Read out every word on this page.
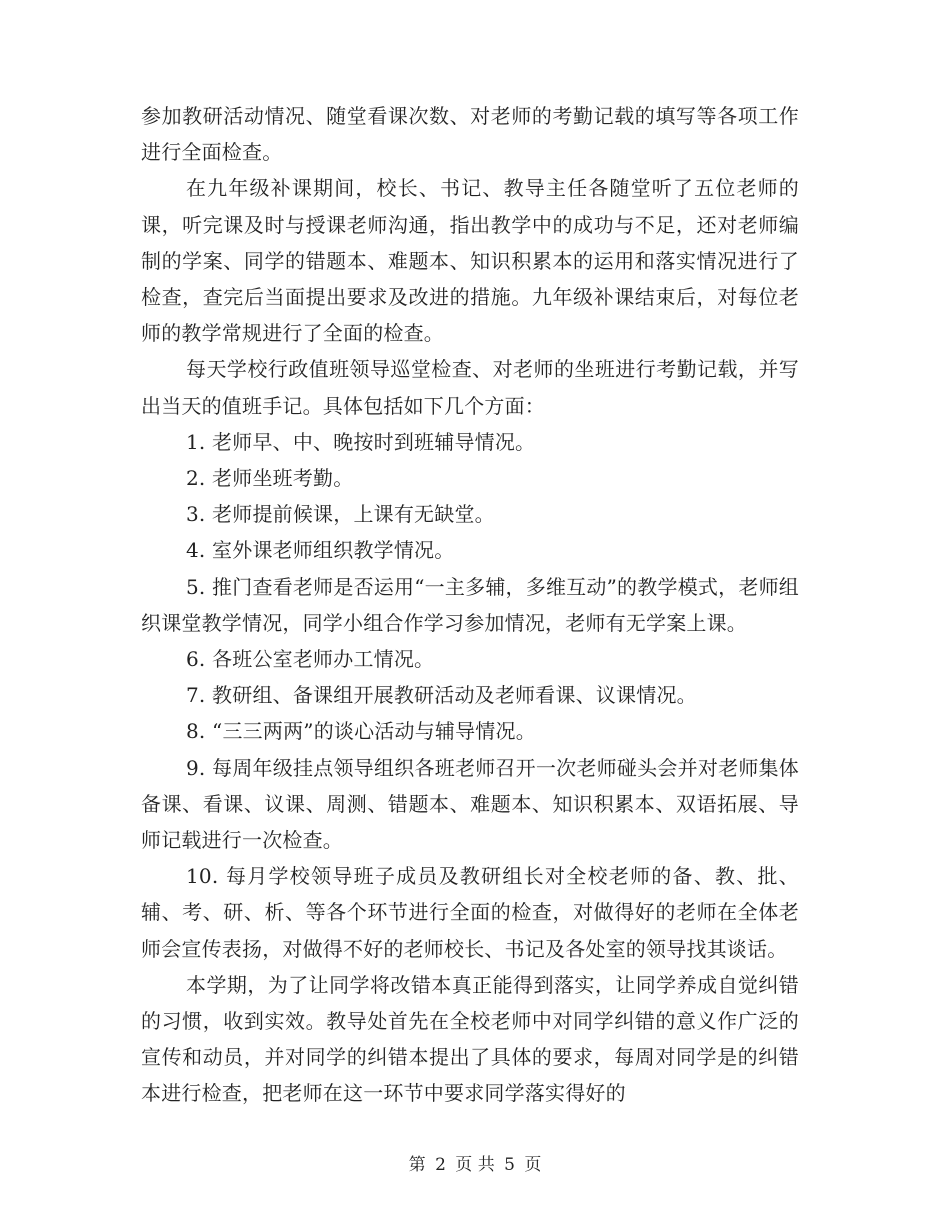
参加教研活动情况、随堂看课次数、对老师的考勤记载的填写等各项工作进行全面检查。

在九年级补课期间，校长、书记、教导主任各随堂听了五位老师的课，听完课及时与授课老师沟通，指出教学中的成功与不足，还对老师编制的学案、同学的错题本、难题本、知识积累本的运用和落实情况进行了检查，查完后当面提出要求及改进的措施。九年级补课结束后，对每位老师的教学常规进行了全面的检查。

每天学校行政值班领导巡堂检查、对老师的坐班进行考勤记载，并写出当天的值班手记。具体包括如下几个方面：

1. 老师早、中、晚按时到班辅导情况。

2. 老师坐班考勤。

3. 老师提前候课，上课有无缺堂。

4. 室外课老师组织教学情况。

5. 推门查看老师是否运用“一主多辅，多维互动”的教学模式，老师组织课堂教学情况，同学小组合作学习参加情况，老师有无学案上课。

6. 各班公室老师办工情况。

7. 教研组、备课组开展教研活动及老师看课、议课情况。

8. “三三两两”的谈心活动与辅导情况。

9. 每周年级挂点领导组织各班老师召开一次老师碰头会并对老师集体备课、看课、议课、周测、错题本、难题本、知识积累本、双语拓展、导师记载进行一次检查。

10. 每月学校领导班子成员及教研组长对全校老师的备、教、批、辅、考、研、析、等各个环节进行全面的检查，对做得好的老师在全体老师会宣传表扬，对做得不好的老师校长、书记及各处室的领导找其谈话。

本学期，为了让同学将改错本真正能得到落实，让同学养成自觉纠错的习惯，收到实效。教导处首先在全校老师中对同学纠错的意义作广泛的宣传和动员，并对同学的纠错本提出了具体的要求，每周对同学是的纠错本进行检查，把老师在这一环节中要求同学落实得好的

第 2 页 共 5 页
